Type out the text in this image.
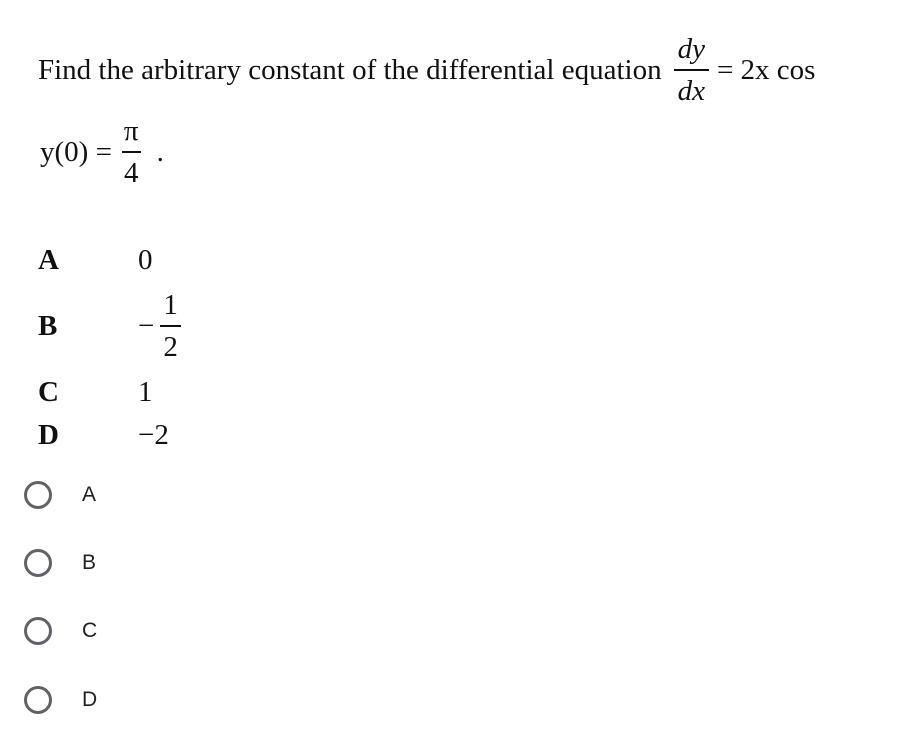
Find the arbitrary constant of the differential equation $\frac{dy}{dx} = 2x$ cos
$y(0) = \frac{\pi}{4}$ .
A	0
B	− $\frac{1}{2}$
C	1
D	−2
A
B
C
D
